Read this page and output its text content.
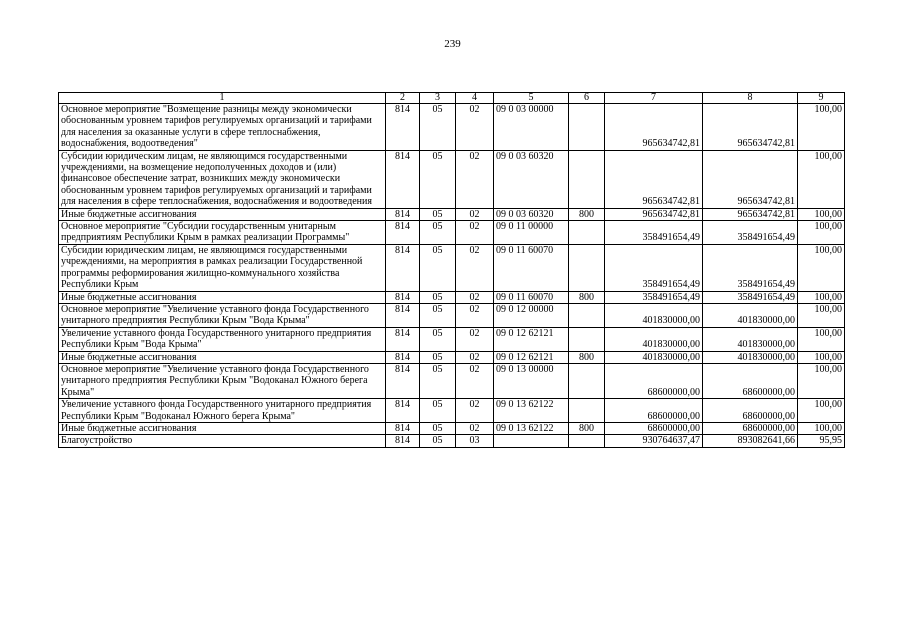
239
1	2	3	4	5	6	7	8	9
Основное мероприятие "Возмещение разницы между экономически обоснованным уровнем тарифов регулируемых организаций и тарифами для населения за оказанные услуги в сфере теплоснабжения, водоснабжения, водоотведения"	814	05	02	09 0 03 00000		965634742,81	965634742,81	100,00
Субсидии юридическим лицам, не являющимся государственными учреждениями, на возмещение недополученных доходов и (или) финансовое обеспечение затрат, возникших между экономически обоснованным уровнем тарифов регулируемых организаций и тарифами для населения в сфере теплоснабжения, водоснабжения и водоотведения	814	05	02	09 0 03 60320		965634742,81	965634742,81	100,00
Иные бюджетные ассигнования	814	05	02	09 0 03 60320	800	965634742,81	965634742,81	100,00
Основное мероприятие "Субсидии государственным унитарным предприятиям Республики Крым в рамках реализации Программы"	814	05	02	09 0 11 00000		358491654,49	358491654,49	100,00
Субсидии юридическим лицам, не являющимся государственными учреждениями, на мероприятия в рамках реализации Государственной программы реформирования жилищно-коммунального хозяйства Республики Крым	814	05	02	09 0 11 60070		358491654,49	358491654,49	100,00
Иные бюджетные ассигнования	814	05	02	09 0 11 60070	800	358491654,49	358491654,49	100,00
Основное мероприятие "Увеличение уставного фонда Государственного унитарного предприятия Республики Крым "Вода Крыма"	814	05	02	09 0 12 00000		401830000,00	401830000,00	100,00
Увеличение уставного фонда Государственного унитарного предприятия Республики Крым "Вода Крыма"	814	05	02	09 0 12 62121		401830000,00	401830000,00	100,00
Иные бюджетные ассигнования	814	05	02	09 0 12 62121	800	401830000,00	401830000,00	100,00
Основное мероприятие "Увеличение уставного фонда Государственного унитарного предприятия Республики Крым "Водоканал Южного берега Крыма"	814	05	02	09 0 13 00000		68600000,00	68600000,00	100,00
Увеличение уставного фонда Государственного унитарного предприятия Республики Крым "Водоканал Южного берега Крыма"	814	05	02	09 0 13 62122		68600000,00	68600000,00	100,00
Иные бюджетные ассигнования	814	05	02	09 0 13 62122	800	68600000,00	68600000,00	100,00
Благоустройство	814	05	03			930764637,47	893082641,66	95,95
